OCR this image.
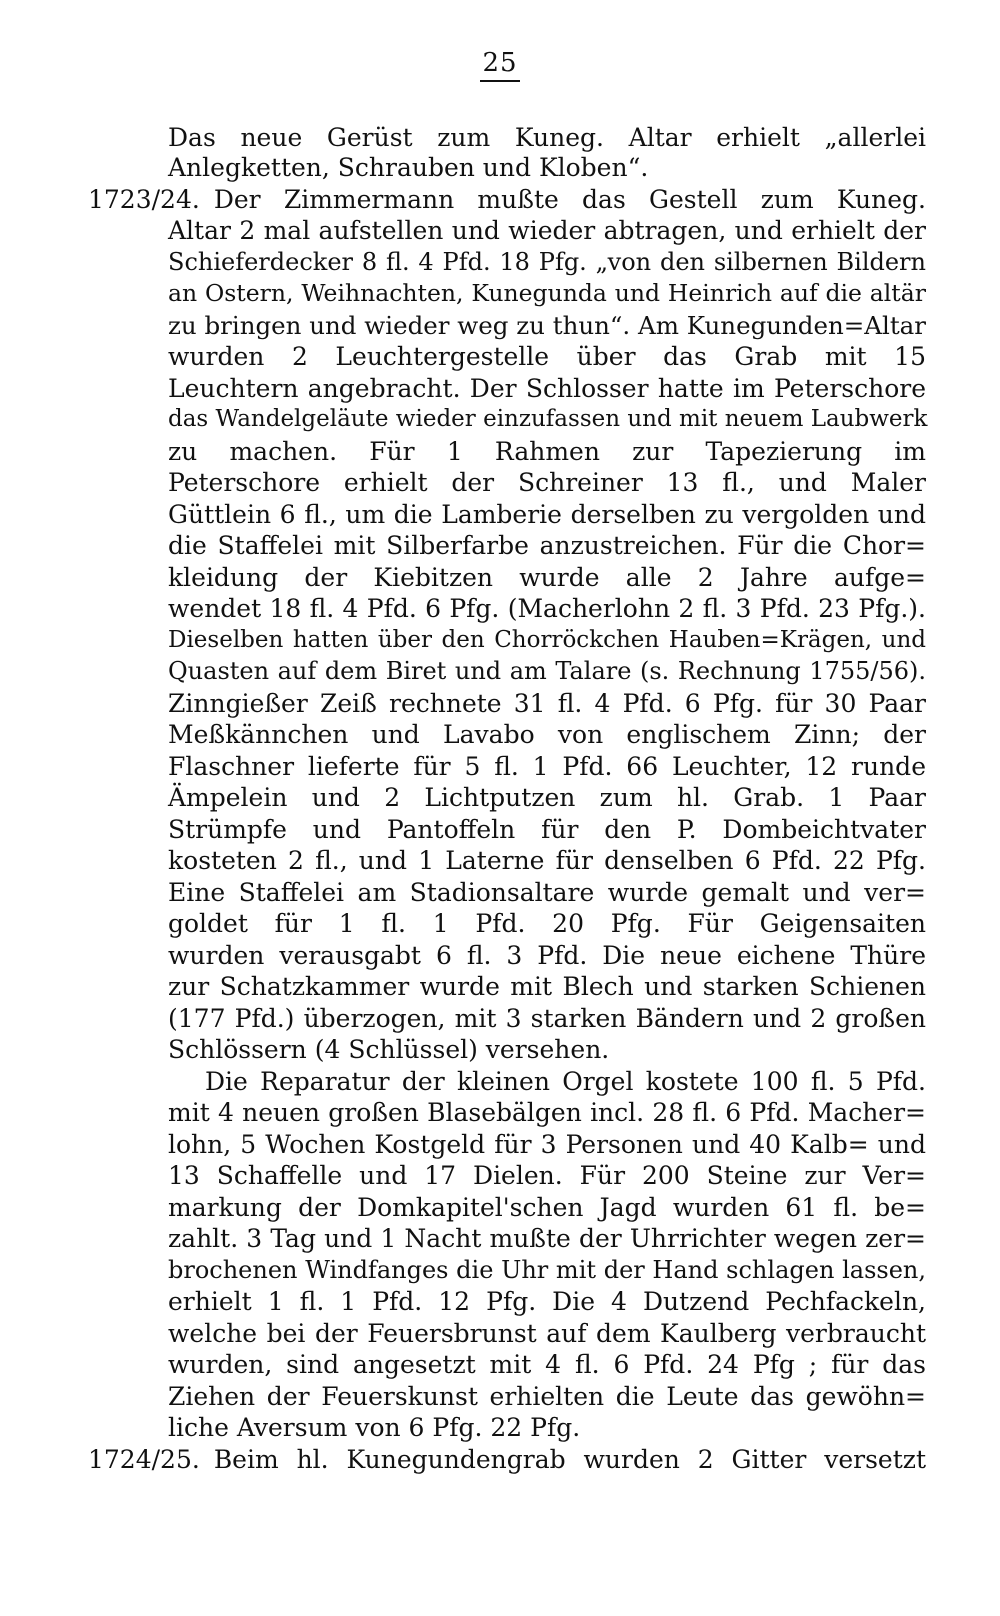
25
Das neue Gerüst zum Kuneg. Altar erhielt „allerlei
Anlegketten, Schrauben und Kloben“.
1723/24. Der Zimmermann mußte das Gestell zum Kuneg.
Altar 2 mal aufstellen und wieder abtragen, und erhielt der
Schieferdecker 8 fl. 4 Pfd. 18 Pfg. „von den silbernen Bildern
an Ostern, Weihnachten, Kunegunda und Heinrich auf die altär
zu bringen und wieder weg zu thun“. Am Kunegunden=Altar
wurden 2 Leuchtergestelle über das Grab mit 15
Leuchtern angebracht. Der Schlosser hatte im Peterschore
das Wandelgeläute wieder einzufassen und mit neuem Laubwerk
zu machen. Für 1 Rahmen zur Tapezierung im
Peterschore erhielt der Schreiner 13 fl., und Maler
Güttlein 6 fl., um die Lamberie derselben zu vergolden und
die Staffelei mit Silberfarbe anzustreichen. Für die Chor=
kleidung der Kiebitzen wurde alle 2 Jahre aufge=
wendet 18 fl. 4 Pfd. 6 Pfg. (Macherlohn 2 fl. 3 Pfd. 23 Pfg.).
Dieselben hatten über den Chorröckchen Hauben=Krägen, und
Quasten auf dem Biret und am Talare (s. Rechnung 1755/56).
Zinngießer Zeiß rechnete 31 fl. 4 Pfd. 6 Pfg. für 30 Paar
Meßkännchen und Lavabo von englischem Zinn; der
Flaschner lieferte für 5 fl. 1 Pfd. 66 Leuchter, 12 runde
Ämpelein und 2 Lichtputzen zum hl. Grab. 1 Paar
Strümpfe und Pantoffeln für den P. Dombeichtvater
kosteten 2 fl., und 1 Laterne für denselben 6 Pfd. 22 Pfg.
Eine Staffelei am Stadionsaltare wurde gemalt und ver=
goldet für 1 fl. 1 Pfd. 20 Pfg. Für Geigensaiten
wurden verausgabt 6 fl. 3 Pfd. Die neue eichene Thüre
zur Schatzkammer wurde mit Blech und starken Schienen
(177 Pfd.) überzogen, mit 3 starken Bändern und 2 großen
Schlössern (4 Schlüssel) versehen.
Die Reparatur der kleinen Orgel kostete 100 fl. 5 Pfd.
mit 4 neuen großen Blasebälgen incl. 28 fl. 6 Pfd. Macher=
lohn, 5 Wochen Kostgeld für 3 Personen und 40 Kalb= und
13 Schaffelle und 17 Dielen. Für 200 Steine zur Ver=
markung der Domkapitel'schen Jagd wurden 61 fl. be=
zahlt. 3 Tag und 1 Nacht mußte der Uhrrichter wegen zer=
brochenen Windfanges die Uhr mit der Hand schlagen lassen,
erhielt 1 fl. 1 Pfd. 12 Pfg. Die 4 Dutzend Pechfackeln,
welche bei der Feuersbrunst auf dem Kaulberg verbraucht
wurden, sind angesetzt mit 4 fl. 6 Pfd. 24 Pfg ; für das
Ziehen der Feuerskunst erhielten die Leute das gewöhn=
liche Aversum von 6 Pfg. 22 Pfg.
1724/25. Beim hl. Kunegundengrab wurden 2 Gitter versetzt
